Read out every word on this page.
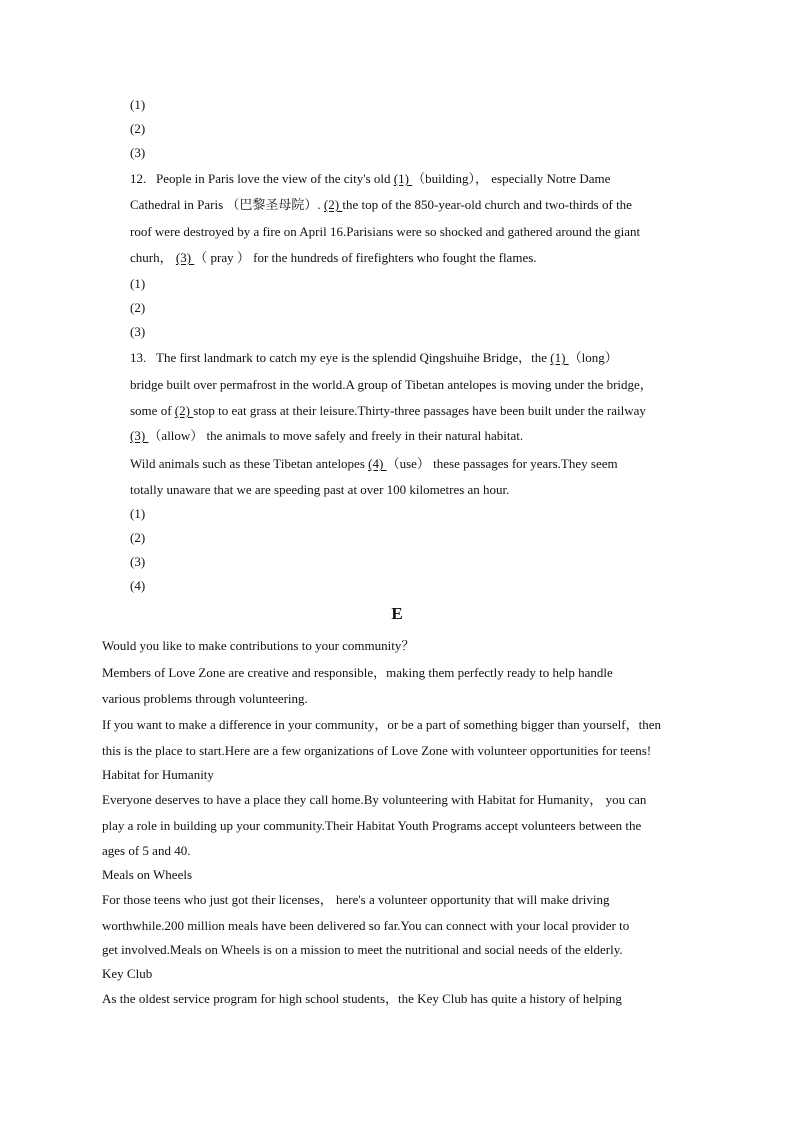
(1)
(2)
(3)
12. People in Paris love the view of the city's old (1) （building）， especially Notre Dame
Cathedral in Paris （巴黎圣母院）. (2) the top of the 850-year-old church and two-thirds of the
roof were destroyed by a fire on April 16.Parisians were so shocked and gathered around the giant
churh， (3) （ pray ） for the hundreds of firefighters who fought the flames.
(1)
(2)
(3)
13. The first landmark to catch my eye is the splendid Qingshuihe Bridge，the (1) （long）
bridge built over permafrost in the world.A group of Tibetan antelopes is moving under the bridge，
some of (2) stop to eat grass at their leisure.Thirty-three passages have been built under the railway
(3) （allow） the animals to move safely and freely in their natural habitat.
Wild animals such as these Tibetan antelopes (4) （use） these passages for years.They seem
totally unaware that we are speeding past at over 100 kilometres an hour.
(1)
(2)
(3)
(4)
E
Would you like to make contributions to your community？
Members of Love Zone are creative and responsible，making them perfectly ready to help handle
various problems through volunteering.
If you want to make a difference in your community，or be a part of something bigger than yourself，then
this is the place to start.Here are a few organizations of Love Zone with volunteer opportunities for teens!
Habitat for Humanity
Everyone deserves to have a place they call home.By volunteering with Habitat for Humanity， you can
play a role in building up your community.Their Habitat Youth Programs accept volunteers between the
ages of 5 and 40.
Meals on Wheels
For those teens who just got their licenses， here's a volunteer opportunity that will make driving
worthwhile.200 million meals have been delivered so far.You can connect with your local provider to
get involved.Meals on Wheels is on a mission to meet the nutritional and social needs of the elderly.
Key Club
As the oldest service program for high school students，the Key Club has quite a history of helping
